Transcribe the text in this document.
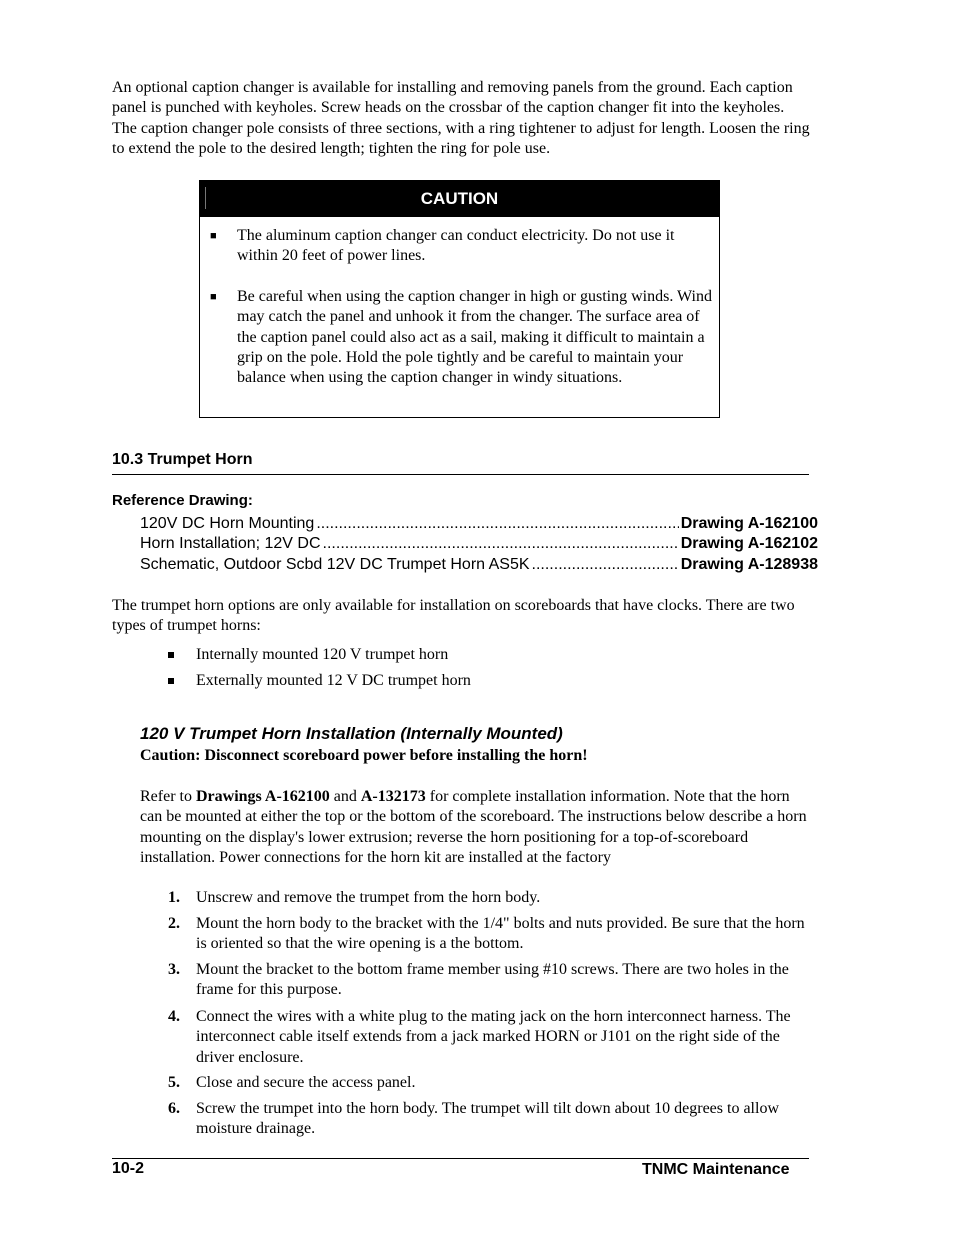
An optional caption changer is available for installing and removing panels from the ground. Each caption panel is punched with keyholes. Screw heads on the crossbar of the caption changer fit into the keyholes. The caption changer pole consists of three sections, with a ring tightener to adjust for length. Loosen the ring to extend the pole to the desired length; tighten the ring for pole use.

CAUTION
■ The aluminum caption changer can conduct electricity. Do not use it within 20 feet of power lines.
■ Be careful when using the caption changer in high or gusting winds. Wind may catch the panel and unhook it from the changer. The surface area of the caption panel could also act as a sail, making it difficult to maintain a grip on the pole. Hold the pole tightly and be careful to maintain your balance when using the caption changer in windy situations.
10.3 Trumpet Horn
Reference Drawing:
120V DC Horn Mounting .....	Drawing A-162100
Horn Installation; 12V DC .....	Drawing A-162102
Schematic, Outdoor Scbd 12V DC Trumpet Horn AS5K .....	Drawing A-128938

The trumpet horn options are only available for installation on scoreboards that have clocks. There are two types of trumpet horns:

Internally mounted 120 V trumpet horn
Externally mounted 12 V DC trumpet horn
120 V Trumpet Horn Installation (Internally Mounted)
Caution: Disconnect scoreboard power before installing the horn!

Refer to Drawings A-162100 and A-132173 for complete installation information. Note that the horn can be mounted at either the top or the bottom of the scoreboard. The instructions below describe a horn mounting on the display's lower extrusion; reverse the horn positioning for a top-of-scoreboard installation. Power connections for the horn kit are installed at the factory

1. Unscrew and remove the trumpet from the horn body.
2. Mount the horn body to the bracket with the 1/4" bolts and nuts provided. Be sure that the horn is oriented so that the wire opening is a the bottom.
3. Mount the bracket to the bottom frame member using #10 screws. There are two holes in the frame for this purpose.
4. Connect the wires with a white plug to the mating jack on the horn interconnect harness. The interconnect cable itself extends from a jack marked HORN or J101 on the right side of the driver enclosure.
5. Close and secure the access panel.
6. Screw the trumpet into the horn body. The trumpet will tilt down about 10 degrees to allow moisture drainage.
10-2	TNMC Maintenance
